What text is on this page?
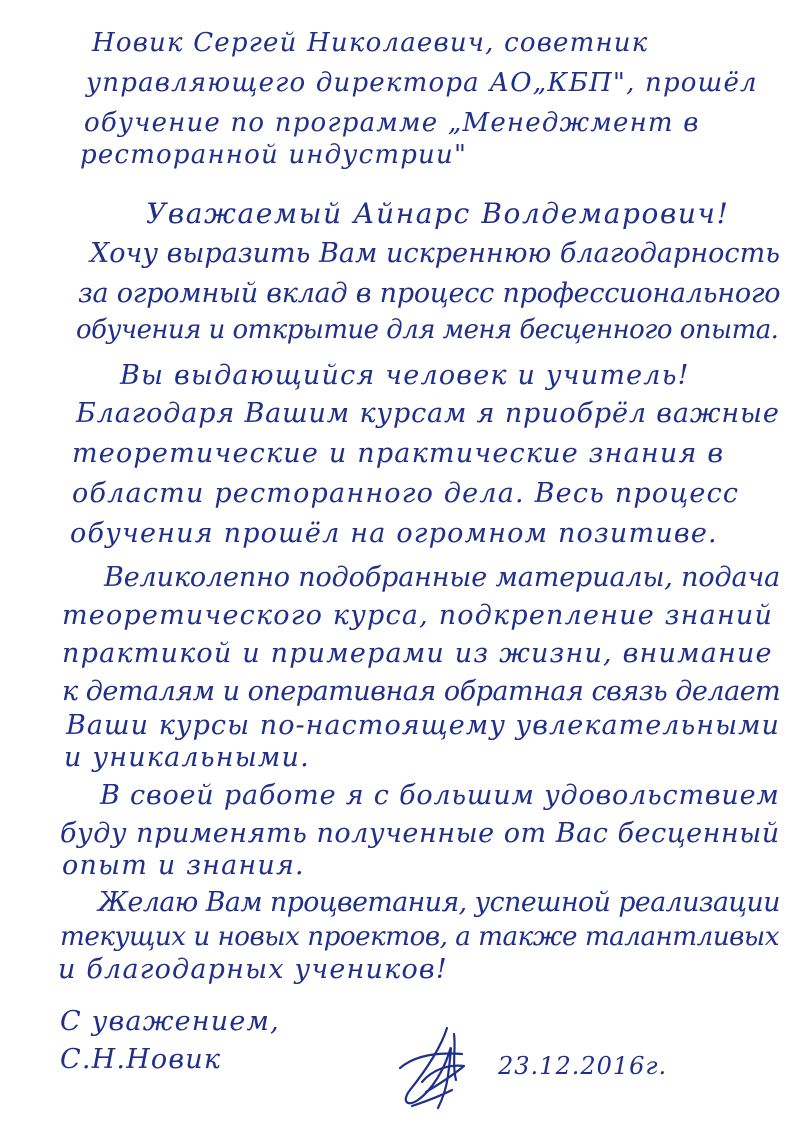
Новик Сергей Николаевич, советник
управляющего директора АО„КБП", прошёл
обучение по программе „Менеджмент в
ресторанной индустрии"
Уважаемый Айнарс Волдемарович!
Хочу выразить Вам искреннюю благодарность
за огромный вклад в процесс профессионального
обучения и открытие для меня бесценного опыта.
Вы выдающийся человек и учитель!
Благодаря Вашим курсам я приобрёл важные
теоретические и практические знания в
области ресторанного дела. Весь процесс
обучения прошёл на огромном позитиве.
Великолепно подобранные материалы, подача
теоретического курса, подкрепление знаний
практикой и примерами из жизни, внимание
к деталям и оперативная обратная связь делает
Ваши курсы по-настоящему увлекательными
и уникальными.
В своей работе я с большим удовольствием
буду применять полученные от Вас бесценный
опыт и знания.
Желаю Вам процветания, успешной реализации
текущих и новых проектов, а также талантливых
и благодарных учеников!
С уважением,
С.Н.Новик	23.12.2016г.
